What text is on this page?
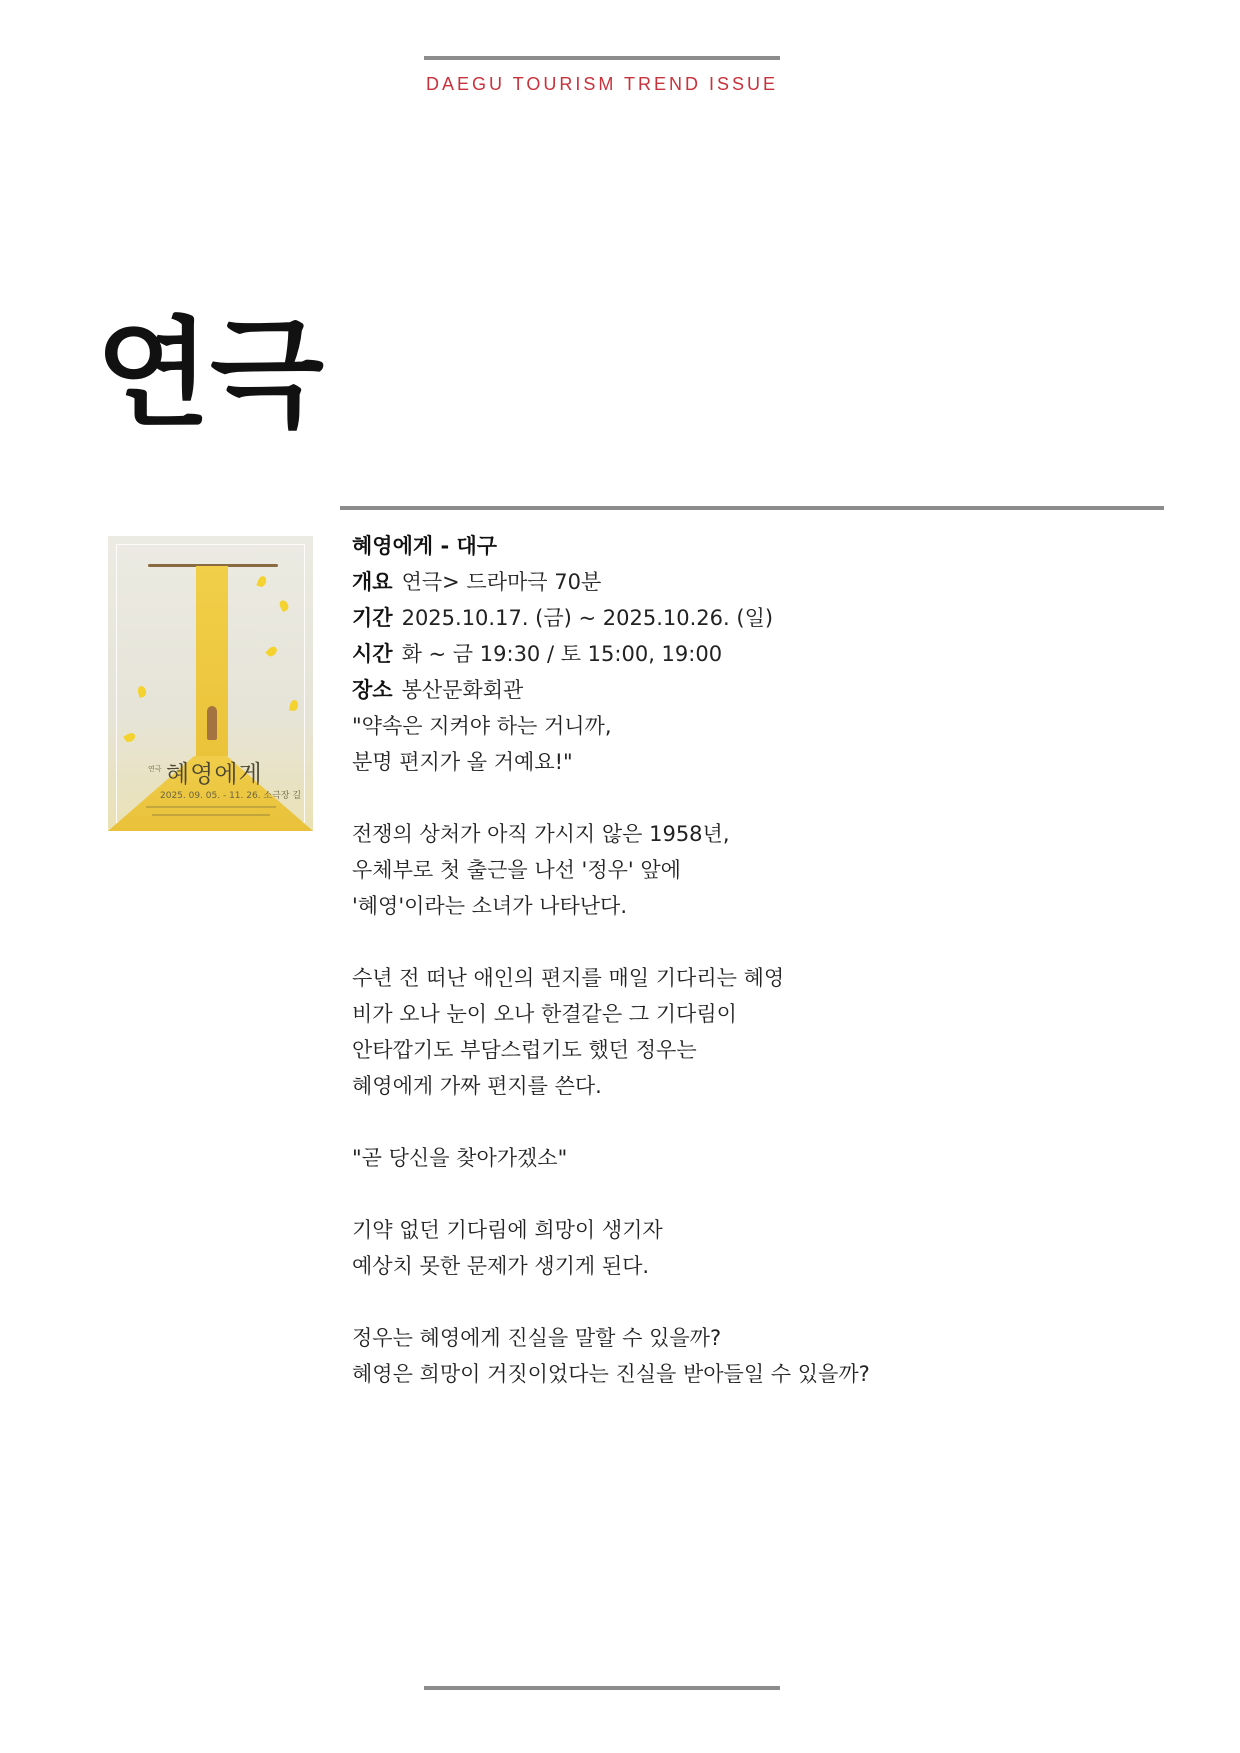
DAEGU TOURISM TREND ISSUE
연극
연극 혜영에게
2025. 09. 05. - 11. 26. 소극장 길
혜영에게 - 대구
개요 연극> 드라마극 70분
기간 2025.10.17. (금) ~ 2025.10.26. (일)
시간 화 ~ 금 19:30 / 토 15:00, 19:00
장소 봉산문화회관
"약속은 지켜야 하는 거니까,
분명 편지가 올 거예요!"
전쟁의 상처가 아직 가시지 않은 1958년,
우체부로 첫 출근을 나선 '정우' 앞에
'혜영'이라는 소녀가 나타난다.
수년 전 떠난 애인의 편지를 매일 기다리는 혜영
비가 오나 눈이 오나 한결같은 그 기다림이
안타깝기도 부담스럽기도 했던 정우는
혜영에게 가짜 편지를 쓴다.
"곧 당신을 찾아가겠소"
기약 없던 기다림에 희망이 생기자
예상치 못한 문제가 생기게 된다.
정우는 혜영에게 진실을 말할 수 있을까?
혜영은 희망이 거짓이었다는 진실을 받아들일 수 있을까?
